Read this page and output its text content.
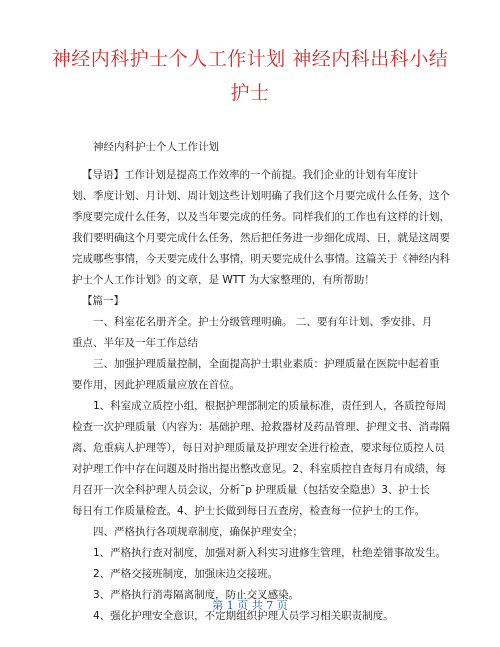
神经内科护士个人工作计划 神经内科出科小结
护士
神经内科护士个人工作计划
【导语】工作计划是提高工作效率的一个前提。我们企业的计划有年度计
划、季度计划、月计划、周计划这些计划明确了我们这个月要完成什么任务，这个
季度要完成什么任务，以及当年要完成的任务。同样我们的工作也有这样的计划，
我们要明确这个月要完成什么任务，然后把任务进一步细化成周、日，就是这周要
完成哪些事情，今天要完成什么事情，明天要完成什么事情。这篇关于《神经内科
护士个人工作计划》的文章，是 WTT 为大家整理的，有所帮助！
【篇一】
一、科室花名册齐全。护士分级管理明确。 二、要有年计划、季安排、月
重点、半年及一年工作总结
三、加强护理质量控制，全面提高护士职业素质：护理质量在医院中起着重
要作用，因此护理质量应放在首位。
1、科室成立质控小组，根据护理部制定的质量标准，责任到人，各质控每周
检查一次护理质量（内容为：基础护理、抢救器材及药品管理、护理文书、消毒隔
离、危重病人护理等），每日对护理质量及护理安全进行检查，要求每位质控人员
对护理工作中存在问题及时指出提出整改意见。2、科室质控自查每月有成绩，每
月召开一次全科护理人员会议，分析ˉp 护理质量（包括安全隐患）3、护士长
每日有工作质量检查。4、护士长做到每日五查房，检查每一位护士的工作。
四、严格执行各项规章制度，确保护理安全；
1、严格执行查对制度，加强对新入科实习进修生管理，杜绝差错事故发生。
2、严格交接班制度，加强床边交接班。
3、严格执行消毒隔离制度，防止交叉感染。
4、强化护理安全意识，不定期组织护理人员学习相关职责制度。
第 1 页 共 7 页
